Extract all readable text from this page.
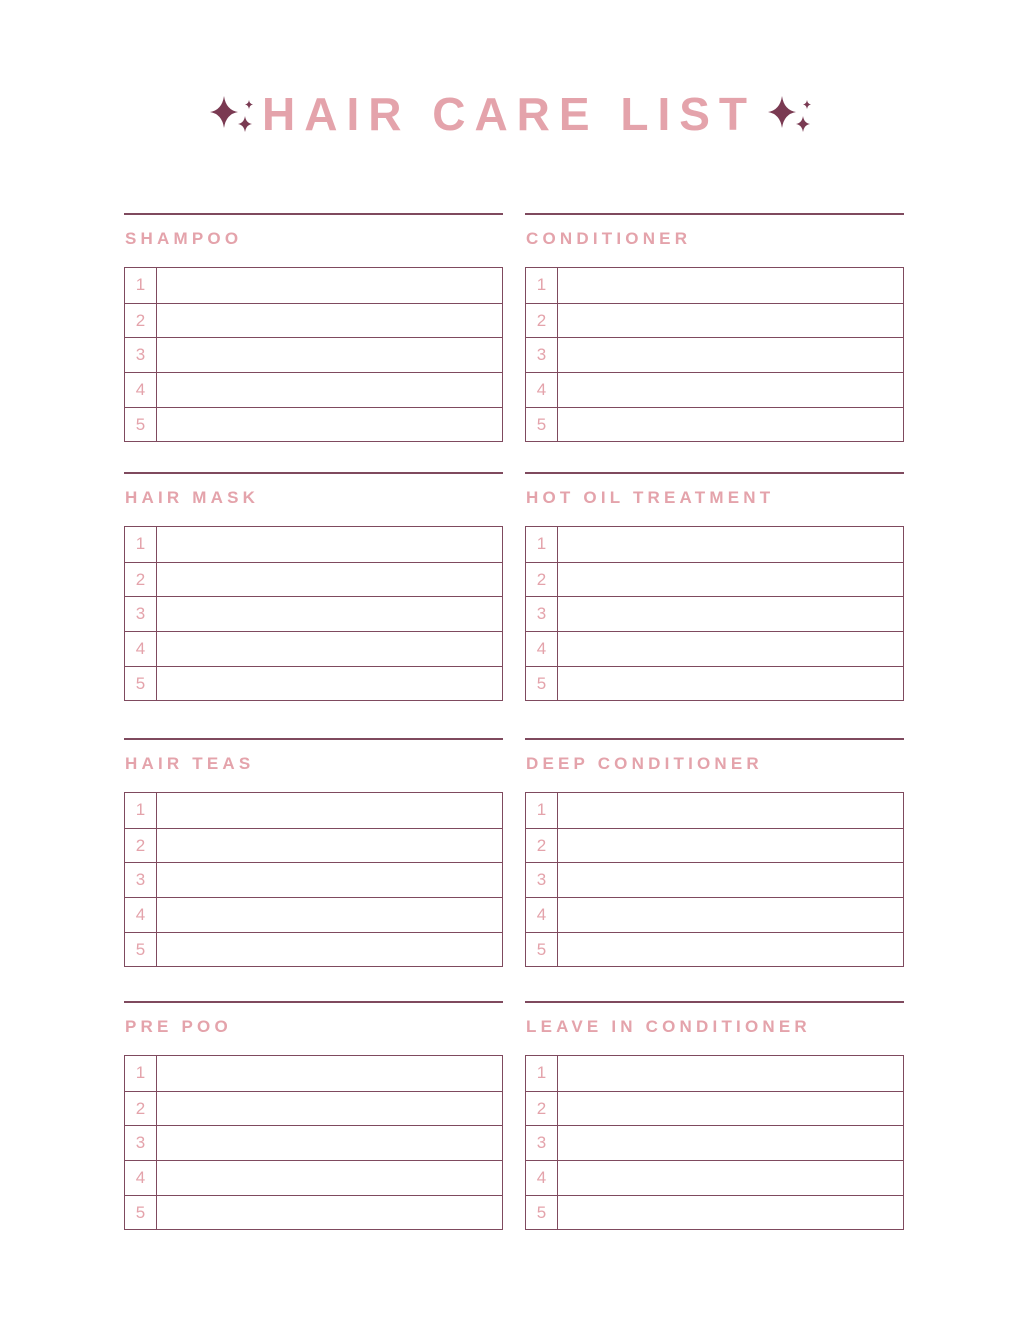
HAIR CARE LIST
SHAMPOO
1
2
3
4
5
CONDITIONER
1
2
3
4
5
HAIR MASK
1
2
3
4
5
HOT OIL TREATMENT
1
2
3
4
5
HAIR TEAS
1
2
3
4
5
DEEP CONDITIONER
1
2
3
4
5
PRE POO
1
2
3
4
5
LEAVE IN CONDITIONER
1
2
3
4
5
